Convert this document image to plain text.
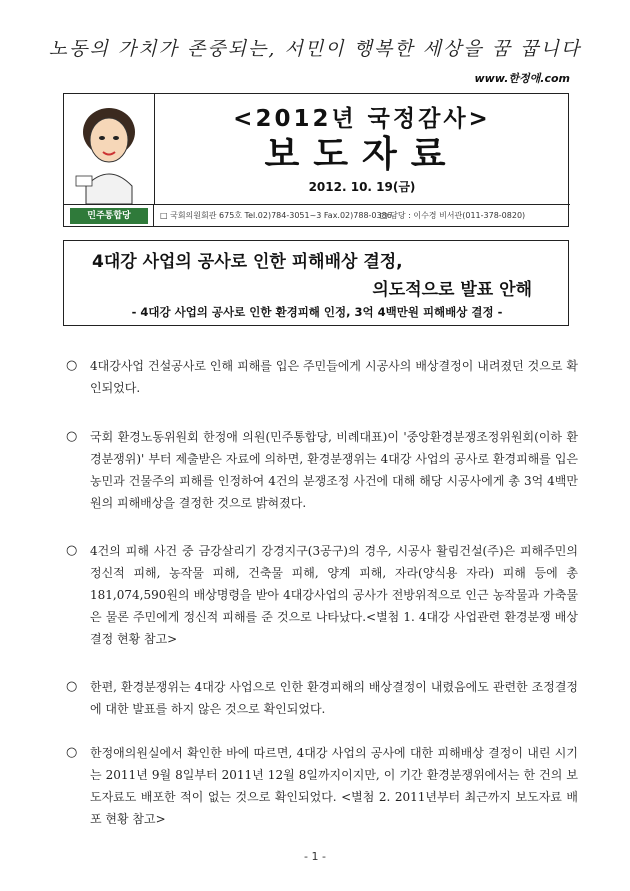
노동의 가치가 존중되는, 서민이 행복한 세상을 꿈 꿉니다
www.한정애.com
민주통합당
<2012년 국정감사>
보도자료
2012. 10. 19(금)
□ 국회의원회관 675호 Tel.02)784-3051~3 Fax.02)788-0386
□ 담당 : 이수경 비서관(011-378-0820)
4대강 사업의 공사로 인한 피해배상 결정,
의도적으로 발표 안해
- 4대강 사업의 공사로 인한 환경피해 인정, 3억 4백만원 피해배상 결정 -
○	4대강사업 건설공사로 인해 피해를 입은 주민들에게 시공사의 배상결정이 내려졌던 것으로 확인되었다.
○	국회 환경노동위원회 한정애 의원(민주통합당, 비례대표)이 '중앙환경분쟁조정위원회(이하 환경분쟁위)' 부터 제출받은 자료에 의하면, 환경분쟁위는 4대강 사업의 공사로 환경피해를 입은 농민과 건물주의 피해를 인정하여 4건의 분쟁조정 사건에 대해 해당 시공사에게 총 3억 4백만 원의 피해배상을 결정한 것으로 밝혀졌다.
○	4건의 피해 사건 중 금강살리기 강경지구(3공구)의 경우, 시공사 활림건설(주)은 피해주민의 정신적 피해, 농작물 피해, 건축물 피해, 양계 피해, 자라(양식용 자라) 피해 등에 총 181,074,590원의 배상명령을 받아 4대강사업의 공사가 전방위적으로 인근 농작물과 가축물은 물론 주민에게 정신적 피해를 준 것으로 나타났다.<별첨 1. 4대강 사업관련 환경분쟁 배상결정 현황 참고>
○	한편, 환경분쟁위는 4대강 사업으로 인한 환경피해의 배상결정이 내렸음에도 관련한 조정결정에 대한 발표를 하지 않은 것으로 확인되었다.
○	한정애의원실에서 확인한 바에 따르면, 4대강 사업의 공사에 대한 피해배상 결정이 내린 시기는 2011년 9월 8일부터 2011년 12월 8일까지이지만, 이 기간 환경분쟁위에서는 한 건의 보도자료도 배포한 적이 없는 것으로 확인되었다. <별첨 2. 2011년부터 최근까지 보도자료 배포 현황 참고>
- 1 -
